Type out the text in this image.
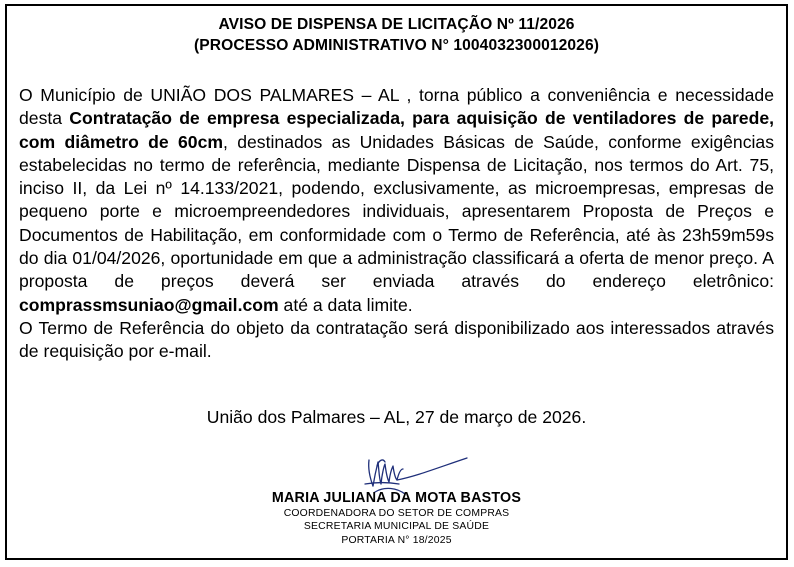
AVISO DE DISPENSA DE LICITAÇÃO Nº 11/2026
(PROCESSO ADMINISTRATIVO N° 1004032300012026)

O Município de UNIÃO DOS PALMARES – AL , torna público a conveniência e necessidade desta Contratação de empresa especializada, para aquisição de ventiladores de parede, com diâmetro de 60cm, destinados as Unidades Básicas de Saúde, conforme exigências estabelecidas no termo de referência, mediante Dispensa de Licitação, nos termos do Art. 75, inciso II, da Lei nº 14.133/2021, podendo, exclusivamente, as microempresas, empresas de pequeno porte e microempreendedores individuais, apresentarem Proposta de Preços e Documentos de Habilitação, em conformidade com o Termo de Referência, até às 23h59m59s do dia 01/04/2026, oportunidade em que a administração classificará a oferta de menor preço. A proposta de preços deverá ser enviada através do endereço eletrônico: comprassmsuniao@gmail.com até a data limite.

O Termo de Referência do objeto da contratação será disponibilizado aos interessados através de requisição por e-mail.

União dos Palmares – AL, 27 de março de 2026.
MARIA JULIANA DA MOTA BASTOS
COORDENADORA DO SETOR DE COMPRAS
SECRETARIA MUNICIPAL DE SAÚDE
PORTARIA N° 18/2025
